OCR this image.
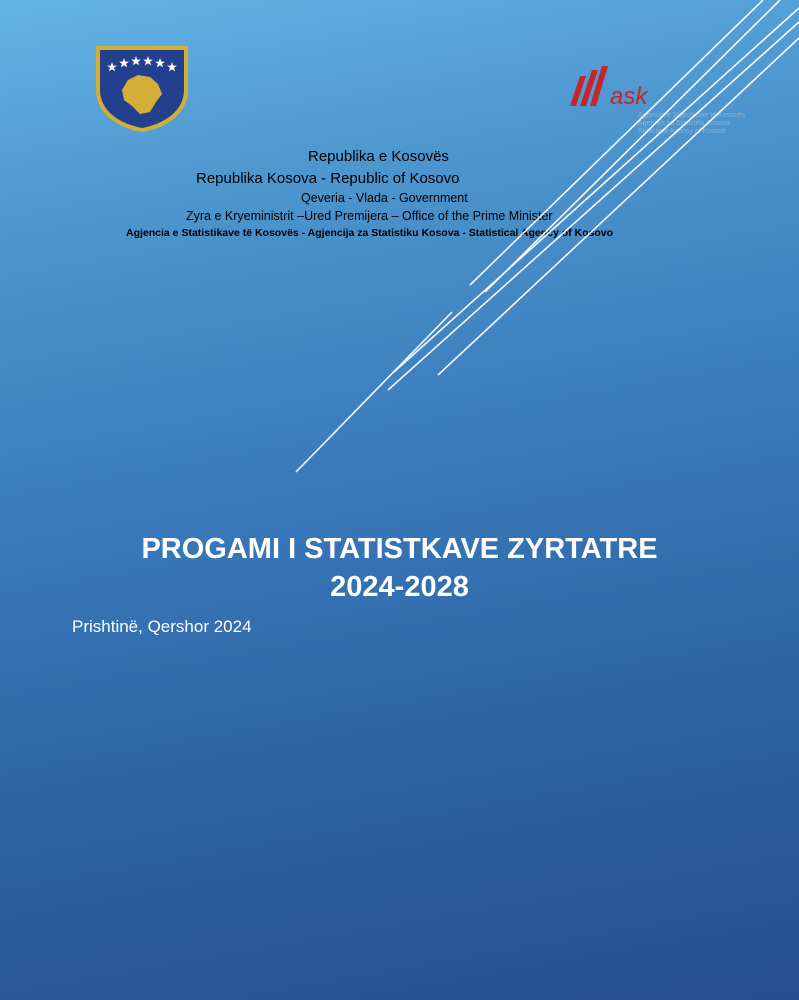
ask
Agjencia e Statistikave të Kosovës
Agencija za Statistiku Kosova
Statistical Agency of Kosovo
Republika e Kosovës
Republika Kosova - Republic of Kosovo
Qeveria - Vlada - Government
Zyra e Kryeministrit –Ured Premijera – Office of the Prime Minister
Agjencia e Statistikave të Kosovës - Agjencija za Statistiku Kosova - Statistical Agency of Kosovo
PROGAMI I STATISTKAVE ZYRTATRE
2024-2028
Prishtinë, Qershor 2024
